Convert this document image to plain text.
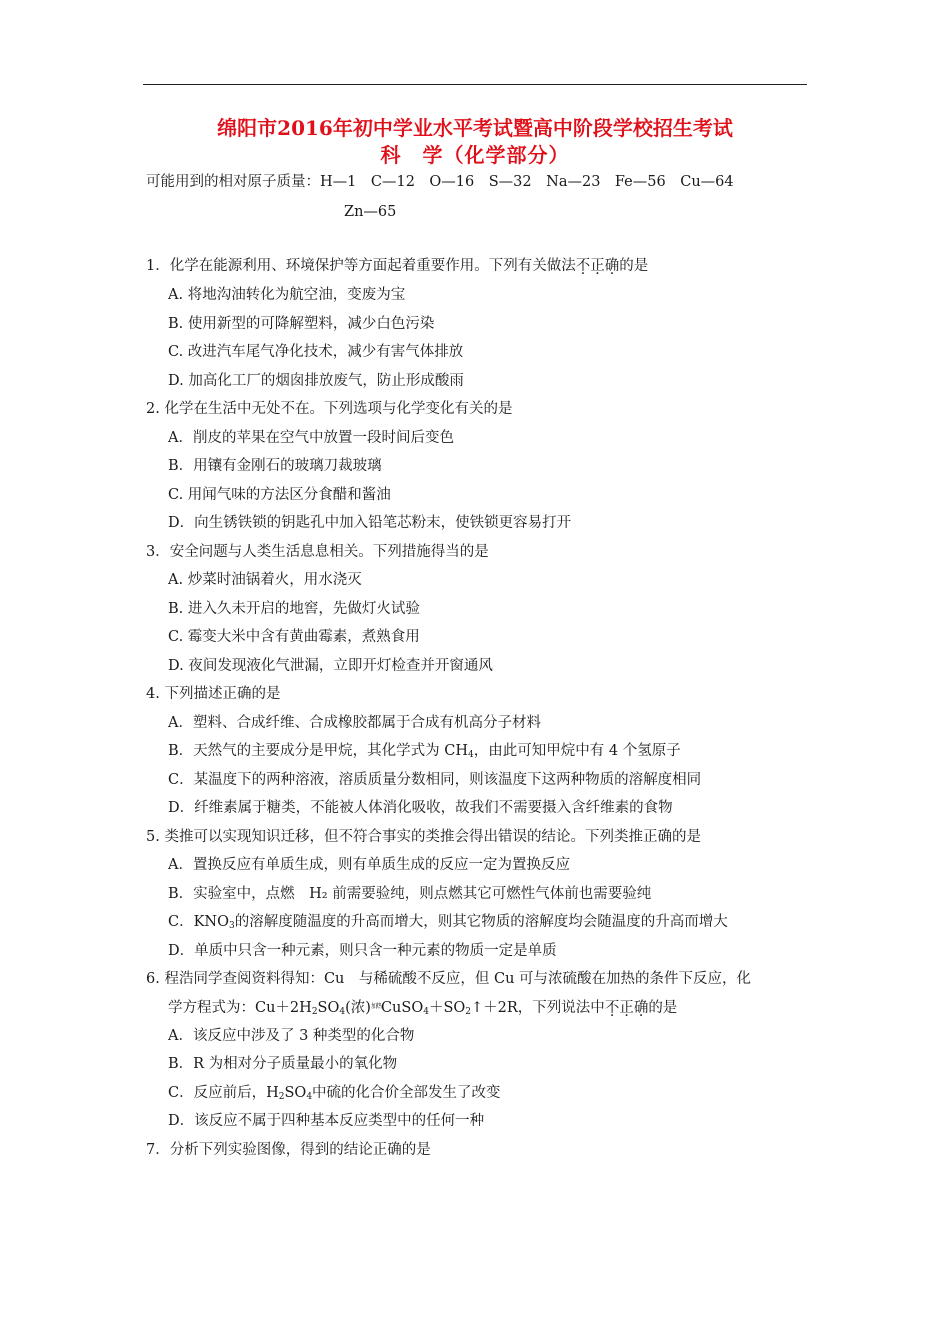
绵阳市2016年初中学业水平考试暨高中阶段学校招生考试
科　学（化学部分）
可能用到的相对原子质量：H—1　C—12　O—16　S—32　Na—23　Fe—56　Cu—64
Zn—65
1．化学在能源利用、环境保护等方面起着重要作用。下列有关做法不正确的是
A. 将地沟油转化为航空油，变废为宝
B. 使用新型的可降解塑料，减少白色污染
C. 改进汽车尾气净化技术，减少有害气体排放
D. 加高化工厂的烟囱排放废气，防止形成酸雨
2. 化学在生活中无处不在。下列选项与化学变化有关的是
A．削皮的苹果在空气中放置一段时间后变色
B．用镶有金刚石的玻璃刀裁玻璃
C. 用闻气味的方法区分食醋和酱油
D．向生锈铁锁的钥匙孔中加入铅笔芯粉末，使铁锁更容易打开
3．安全问题与人类生活息息相关。下列措施得当的是
A. 炒菜时油锅着火，用水浇灭
B. 进入久未开启的地窖，先做灯火试验
C. 霉变大米中含有黄曲霉素，煮熟食用
D. 夜间发现液化气泄漏，立即开灯检查并开窗通风
4. 下列描述正确的是
A．塑料、合成纤维、合成橡胶都属于合成有机高分子材料
B．天然气的主要成分是甲烷，其化学式为 $CH_4$，由此可知甲烷中有 4 个氢原子
C．某温度下的两种溶液，溶质质量分数相同，则该温度下这两种物质的溶解度相同
D．纤维素属于糖类，不能被人体消化吸收，故我们不需要摄入含纤维素的食物
5. 类推可以实现知识迁移，但不符合事实的类推会得出错误的结论。下列类推正确的是
A．置换反应有单质生成，则有单质生成的反应一定为置换反应
B．实验室中，点燃　H₂ 前需要验纯，则点燃其它可燃性气体前也需要验纯
C．$KNO_3$的溶解度随温度的升高而增大，则其它物质的溶解度均会随温度的升高而增大
D．单质中只含一种元素，则只含一种元素的物质一定是单质
6. 程浩同学查阅资料得知：Cu　与稀硫酸不反应，但 Cu 可与浓硫酸在加热的条件下反应，化
学方程式为：$Cu+2H_2SO_4$(浓)$^{加热}CuSO_4+SO_2↑+2R$，下列说法中不正确的是
A．该反应中涉及了 3 种类型的化合物
B．R 为相对分子质量最小的氧化物
C．反应前后，$H_2SO_4$中硫的化合价全部发生了改变
D．该反应不属于四种基本反应类型中的任何一种
7．分析下列实验图像，得到的结论正确的是
